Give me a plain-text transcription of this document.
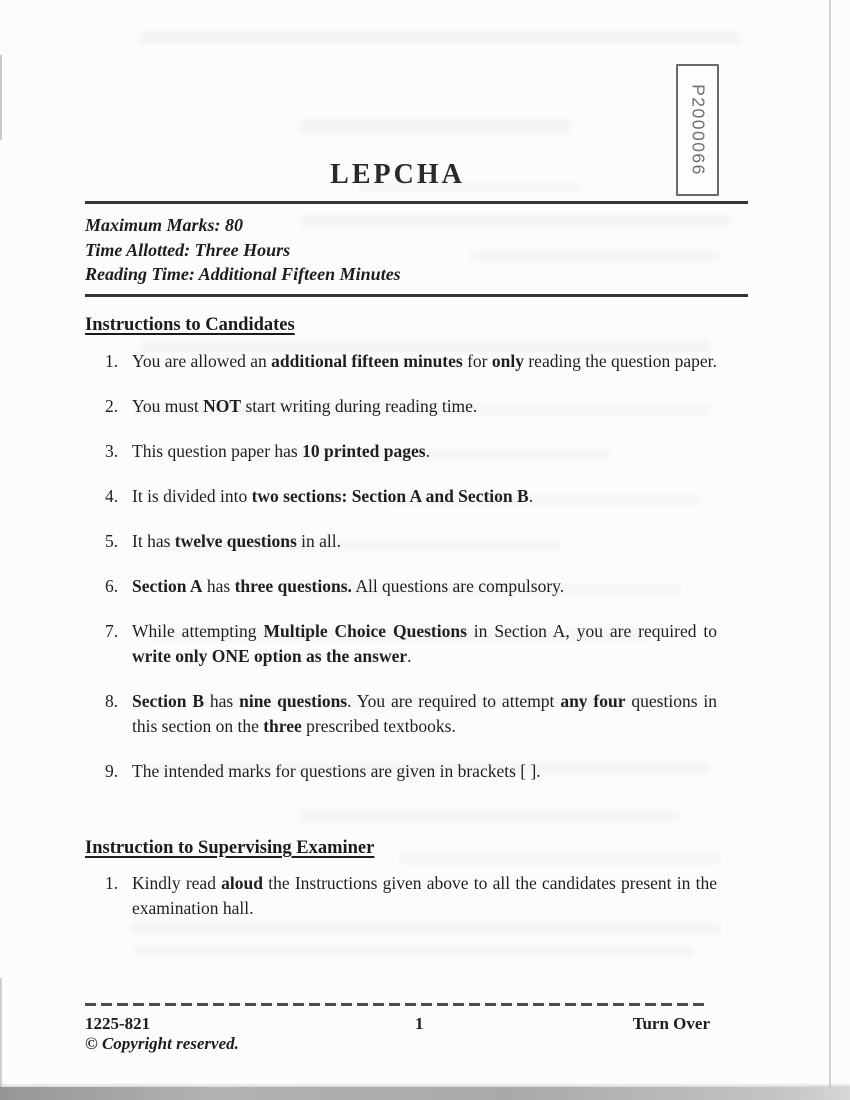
P2000066
LEPCHA
Maximum Marks: 80
Time Allotted: Three Hours
Reading Time: Additional Fifteen Minutes
Instructions to Candidates
1. You are allowed an additional fifteen minutes for only reading the question paper.
2. You must NOT start writing during reading time.
3. This question paper has 10 printed pages.
4. It is divided into two sections: Section A and Section B.
5. It has twelve questions in all.
6. Section A has three questions. All questions are compulsory.
7. While attempting Multiple Choice Questions in Section A, you are required to write only ONE option as the answer.
8. Section B has nine questions. You are required to attempt any four questions in this section on the three prescribed textbooks.
9. The intended marks for questions are given in brackets [ ].
Instruction to Supervising Examiner
1. Kindly read aloud the Instructions given above to all the candidates present in the examination hall.
1225-821	1	Turn Over
© Copyright reserved.
